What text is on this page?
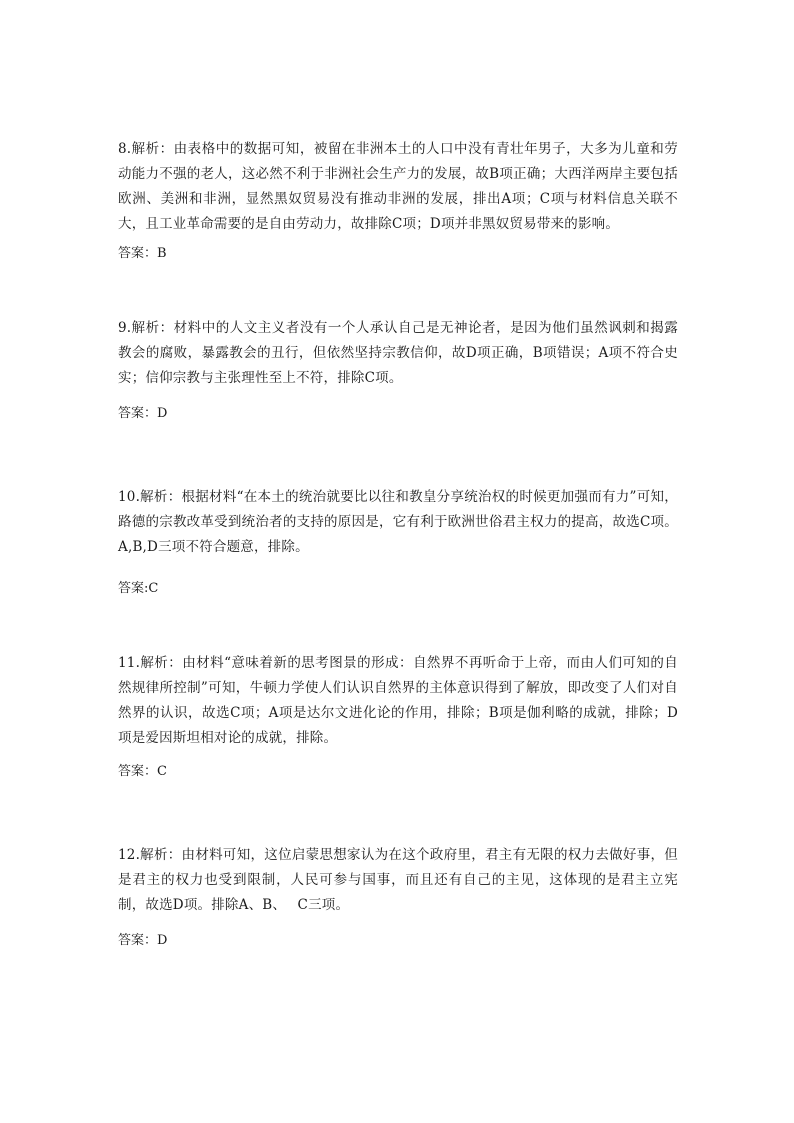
8.解析：由表格中的数据可知，被留在非洲本土的人口中没有青壮年男子，大多为儿童和劳动能力不强的老人，这必然不利于非洲社会生产力的发展，故B项正确；大西洋两岸主要包括欧洲、美洲和非洲，显然黑奴贸易没有推动非洲的发展，排出A项；C项与材料信息关联不大，且工业革命需要的是自由劳动力，故排除C项；D项并非黑奴贸易带来的影响。

答案：B

9.解析：材料中的人文主义者没有一个人承认自己是无神论者，是因为他们虽然讽刺和揭露教会的腐败，暴露教会的丑行，但依然坚持宗教信仰，故D项正确，B项错误；A项不符合史实；信仰宗教与主张理性至上不符，排除C项。

答案：D

10.解析：根据材料“在本土的统治就要比以往和教皇分享统治权的时候更加强而有力”可知，路德的宗教改革受到统治者的支持的原因是，它有利于欧洲世俗君主权力的提高，故选C项。A,B,D三项不符合题意，排除。

答案:C

11.解析：由材料“意味着新的思考图景的形成：自然界不再听命于上帝，而由人们可知的自然规律所控制”可知，牛顿力学使人们认识自然界的主体意识得到了解放，即改变了人们对自然界的认识，故选C项；A项是达尔文进化论的作用，排除；B项是伽利略的成就，排除；D项是爱因斯坦相对论的成就，排除。

答案：C

12.解析：由材料可知，这位启蒙思想家认为在这个政府里，君主有无限的权力去做好事，但是君主的权力也受到限制，人民可参与国事，而且还有自己的主见，这体现的是君主立宪制，故选D项。排除A、B、　 C三项。

答案：D
